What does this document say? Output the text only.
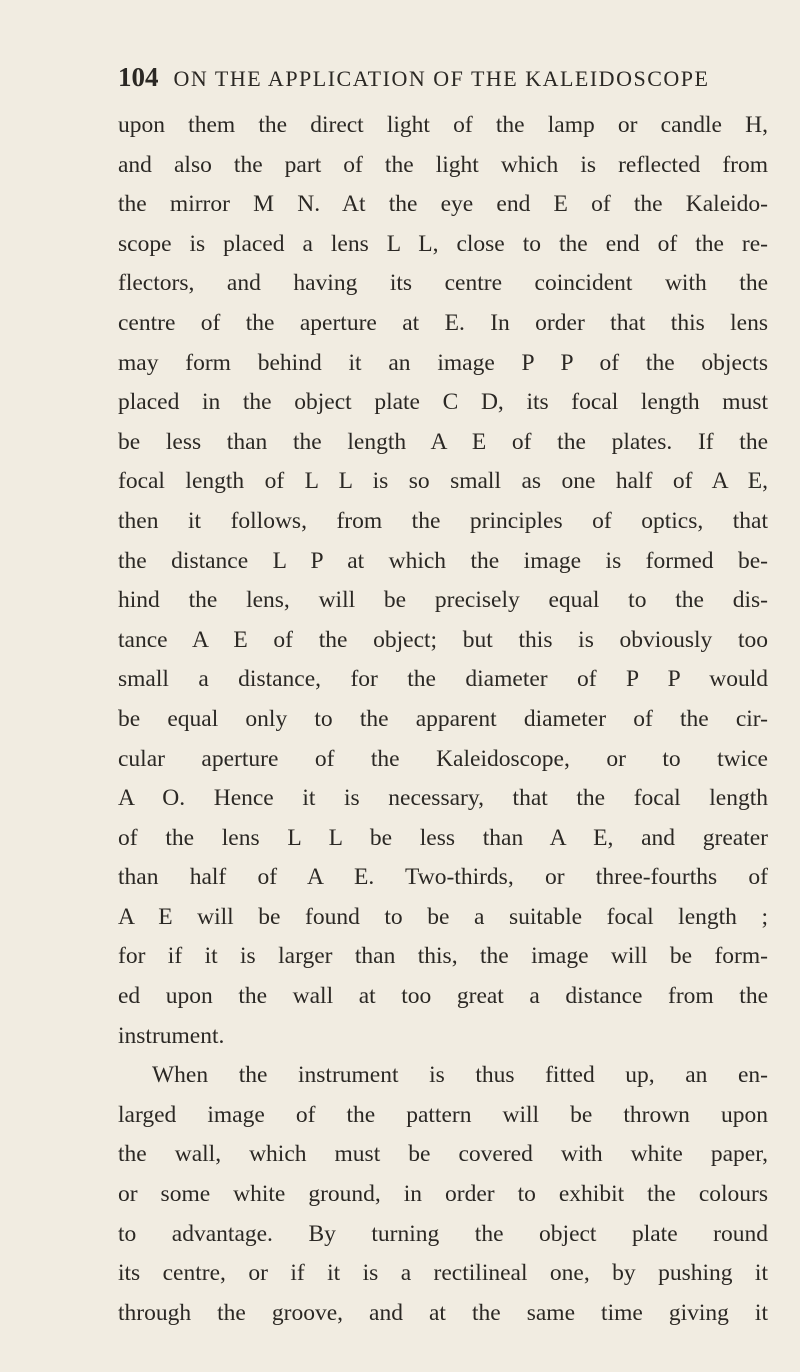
104 ON THE APPLICATION OF THE KALEIDOSCOPE
upon them the direct light of the lamp or candle H,
and also the part of the light which is reflected from
the mirror M N. At the eye end E of the Kaleido-
scope is placed a lens L L, close to the end of the re-
flectors, and having its centre coincident with the
centre of the aperture at E. In order that this lens
may form behind it an image P P of the objects
placed in the object plate C D, its focal length must
be less than the length A E of the plates. If the
focal length of L L is so small as one half of A E,
then it follows, from the principles of optics, that
the distance L P at which the image is formed be-
hind the lens, will be precisely equal to the dis-
tance A E of the object; but this is obviously too
small a distance, for the diameter of P P would
be equal only to the apparent diameter of the cir-
cular aperture of the Kaleidoscope, or to twice
A O. Hence it is necessary, that the focal length
of the lens L L be less than A E, and greater
than half of A E. Two-thirds, or three-fourths of
A E will be found to be a suitable focal length ;
for if it is larger than this, the image will be form-
ed upon the wall at too great a distance from the
instrument.
When the instrument is thus fitted up, an en-
larged image of the pattern will be thrown upon
the wall, which must be covered with white paper,
or some white ground, in order to exhibit the colours
to advantage. By turning the object plate round
its centre, or if it is a rectilineal one, by pushing it
through the groove, and at the same time giving it
